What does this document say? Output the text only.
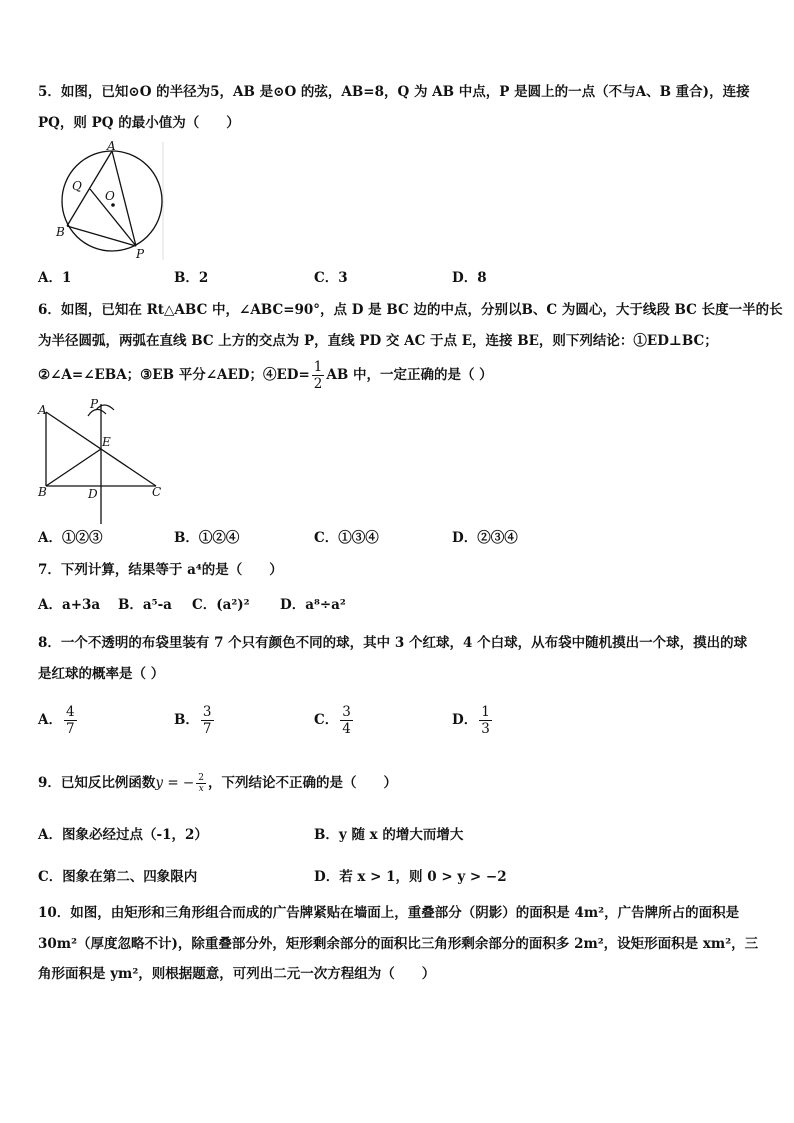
5．如图，已知⊙O 的半径为5，AB 是⊙O 的弦，AB=8，Q 为 AB 中点，P 是圆上的一点（不与A、B 重合)，连接
PQ，则 PQ 的最小值为（　　）
A
Q
O
B
P
A．1	B．2	C．3	D．8
6．如图，已知在 Rt△ABC 中，∠ABC=90°，点 D 是 BC 边的中点，分别以B、C 为圆心，大于线段 BC 长度一半的长
为半径圆弧，两弧在直线 BC 上方的交点为 P，直线 PD 交 AC 于点 E，连接 BE，则下列结论：①ED⊥BC；
②∠A=∠EBA；③EB 平分∠AED；④ED= $\frac{1}{2}$ AB 中，一定正确的是（ ）
A	P
E
B	D	C
A．①②③	B．①②④	C．①③④	D．②③④
7．下列计算，结果等于 a⁴的是（　　）
A．a+3a B．a⁵-a C．(a²)² D．a⁸÷a²
8．一个不透明的布袋里装有 7 个只有颜色不同的球，其中 3 个红球，4 个白球，从布袋中随机摸出一个球，摸出的球
是红球的概率是（ ）
A． $\frac{4}{7}$	B． $\frac{3}{7}$	C． $\frac{3}{4}$	D． $\frac{1}{3}$
9．已知反比例函数y = − $\frac{2}{x}$ ，下列结论不正确的是（　　）
A．图象必经过点（-1，2）	B．y 随 x 的增大而增大
C．图象在第二、四象限内	D．若 x > 1，则 0 > y > −2
10．如图，由矩形和三角形组合而成的广告牌紧贴在墙面上，重叠部分（阴影）的面积是 4m²，广告牌所占的面积是
30m²（厚度忽略不计)，除重叠部分外，矩形剩余部分的面积比三角形剩余部分的面积多 2m²，设矩形面积是 xm²，三
角形面积是 ym²，则根据题意，可列出二元一次方程组为（　　）
